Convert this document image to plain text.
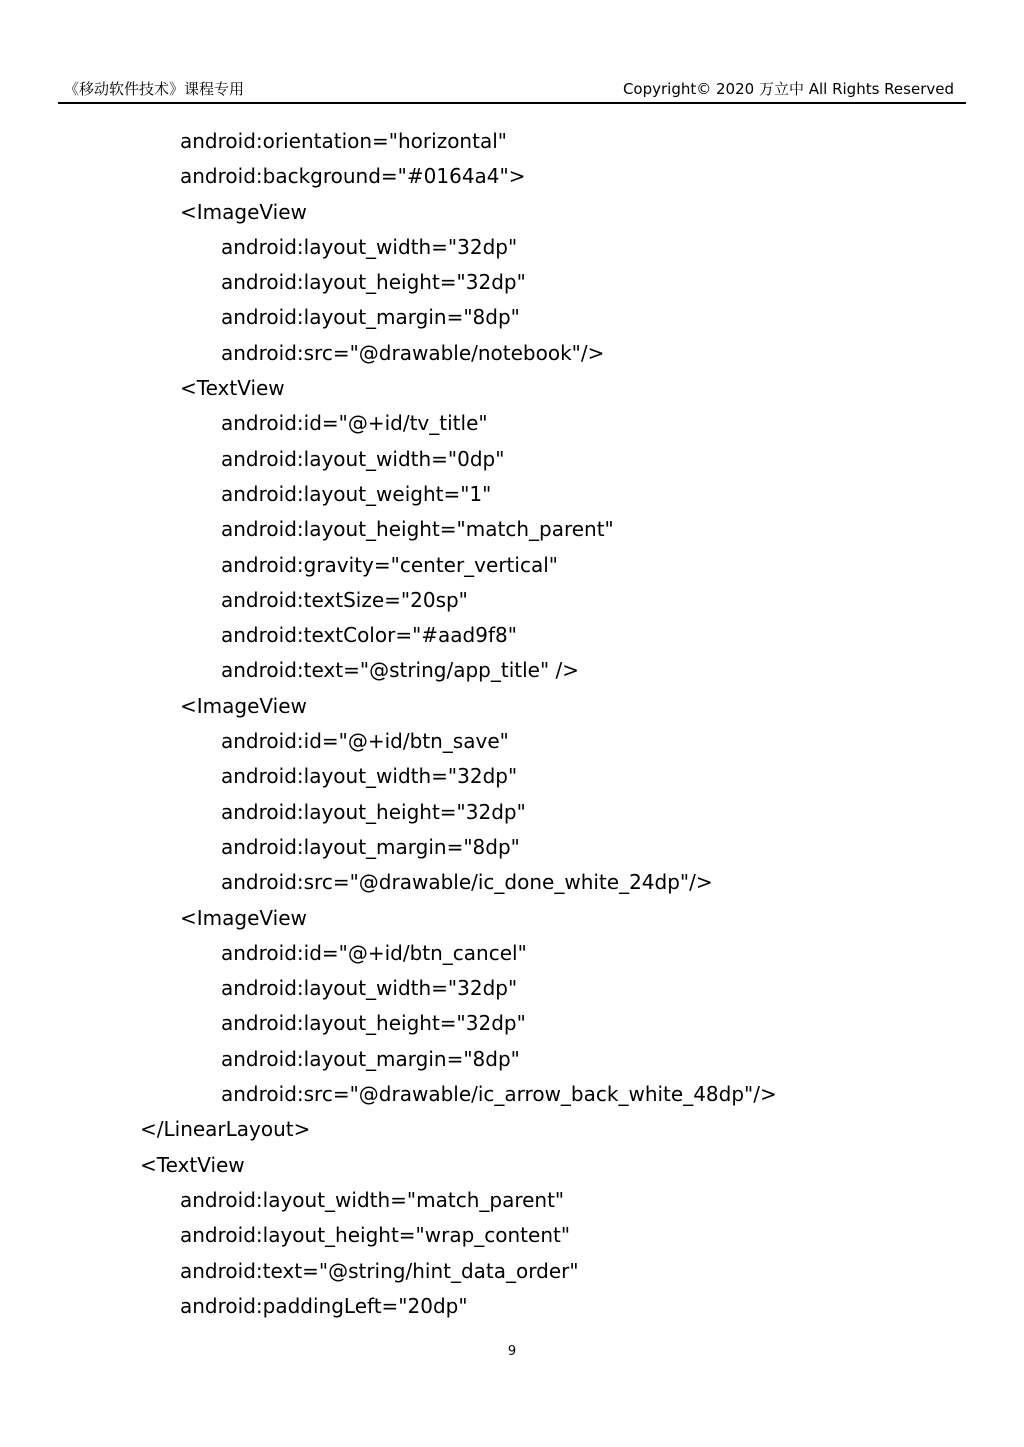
《移动软件技术》课程专用	Copyright© 2020 万立中 All Rights Reserved
android:orientation="horizontal"
android:background="#0164a4">
<ImageView
android:layout_width="32dp"
android:layout_height="32dp"
android:layout_margin="8dp"
android:src="@drawable/notebook"/>
<TextView
android:id="@+id/tv_title"
android:layout_width="0dp"
android:layout_weight="1"
android:layout_height="match_parent"
android:gravity="center_vertical"
android:textSize="20sp"
android:textColor="#aad9f8"
android:text="@string/app_title" />
<ImageView
android:id="@+id/btn_save"
android:layout_width="32dp"
android:layout_height="32dp"
android:layout_margin="8dp"
android:src="@drawable/ic_done_white_24dp"/>
<ImageView
android:id="@+id/btn_cancel"
android:layout_width="32dp"
android:layout_height="32dp"
android:layout_margin="8dp"
android:src="@drawable/ic_arrow_back_white_48dp"/>
</LinearLayout>
<TextView
android:layout_width="match_parent"
android:layout_height="wrap_content"
android:text="@string/hint_data_order"
android:paddingLeft="20dp"
9
